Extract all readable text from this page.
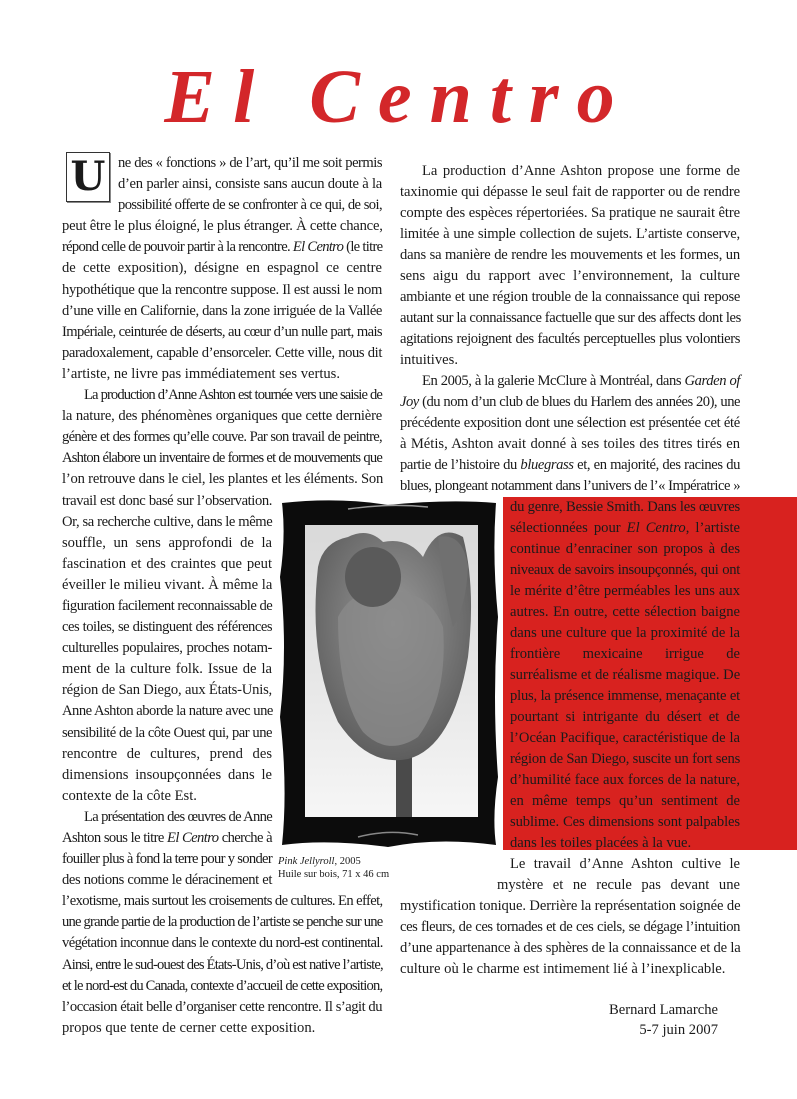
El Centro
Pink Jellyroll, 2005
Huile sur bois, 71 x 46 cm
U ne des « fonctions » de l’art, qu’il me soit permis
d’en parler ainsi, consiste sans aucun doute à la
possibilité offerte de se confronter à ce qui, de soi,
peut être le plus éloigné, le plus étranger. À cette chance,
répond celle de pouvoir partir à la rencontre. El Centro (le titre
de cette exposition), désigne en espagnol ce centre
hypothétique que la rencontre suppose. Il est aussi le nom
d’une ville en Californie, dans la zone irriguée de la Vallée
Impériale, ceinturée de déserts, au cœur d’un nulle part, mais
paradoxalement, capable d’ensorceler. Cette ville, nous dit
l’artiste, ne livre pas immédiatement ses vertus.
La production d’Anne Ashton est tournée vers une saisie de
la nature, des phénomènes organiques que cette dernière
génère et des formes qu’elle couve. Par son travail de peintre,
Ashton élabore un inventaire de formes et de mouvements que
l’on retrouve dans le ciel, les plantes et les éléments. Son
travail est donc basé sur l’observation.
Or, sa recherche cultive, dans le même
souffle, un sens approfondi de la
fascination et des craintes que peut
éveiller le milieu vivant. À même la
figuration facilement reconnaissable de
ces toiles, se distinguent des références
culturelles populaires, proches notam-
ment de la culture folk. Issue de la
région de San Diego, aux États-Unis,
Anne Ashton aborde la nature avec une
sensibilité de la côte Ouest qui, par une
rencontre de cultures, prend des
dimensions insoupçonnées dans le
contexte de la côte Est.
La présentation des œuvres de Anne
Ashton sous le titre El Centro cherche à
fouiller plus à fond la terre pour y sonder
des notions comme le déracinement et
l’exotisme, mais surtout les croisements de cultures. En effet,
une grande partie de la production de l’artiste se penche sur une
végétation inconnue dans le contexte du nord-est continental.
Ainsi, entre le sud-ouest des États-Unis, d’où est native l’artiste,
et le nord-est du Canada, contexte d’accueil de cette exposition,
l’occasion était belle d’organiser cette rencontre. Il s’agit du
propos que tente de cerner cette exposition.
La production d’Anne Ashton propose une forme de
taxinomie qui dépasse le seul fait de rapporter ou de rendre
compte des espèces répertoriées. Sa pratique ne saurait être
limitée à une simple collection de sujets. L’artiste conserve,
dans sa manière de rendre les mouvements et les formes, un
sens aigu du rapport avec l’environnement, la culture
ambiante et une région trouble de la connaissance qui repose
autant sur la connaissance factuelle que sur des affects dont les
agitations rejoignent des facultés perceptuelles plus volontiers
intuitives.
En 2005, à la galerie McClure à Montréal, dans Garden of
Joy (du nom d’un club de blues du Harlem des années 20), une
précédente exposition dont une sélection est présentée cet été
à Métis, Ashton avait donné à ses toiles des titres tirés en
partie de l’histoire du bluegrass et, en majorité, des racines du
blues, plongeant notamment dans l’univers de l’« Impératrice »
du genre, Bessie Smith. Dans les œuvres
sélectionnées pour El Centro, l’artiste
continue d’enraciner son propos à des
niveaux de savoirs insoupçonnés, qui ont
le mérite d’être perméables les uns aux
autres. En outre, cette sélection baigne
dans une culture que la proximité de la
frontière mexicaine irrigue de
surréalisme et de réalisme magique. De
plus, la présence immense, menaçante et
pourtant si intrigante du désert et de
l’Océan Pacifique, caractéristique de la
région de San Diego, suscite un fort sens
d’humilité face aux forces de la nature,
en même temps qu’un sentiment de
sublime. Ces dimensions sont palpables
dans les toiles placées à la vue.
Le travail d’Anne Ashton cultive le
mystère et ne recule pas devant une
mystification tonique. Derrière la représentation soignée de
ces fleurs, de ces tornades et de ces ciels, se dégage l’intuition
d’une appartenance à des sphères de la connaissance et de la
culture où le charme est intimement lié à l’inexplicable.
Bernard Lamarche
5-7 juin 2007
